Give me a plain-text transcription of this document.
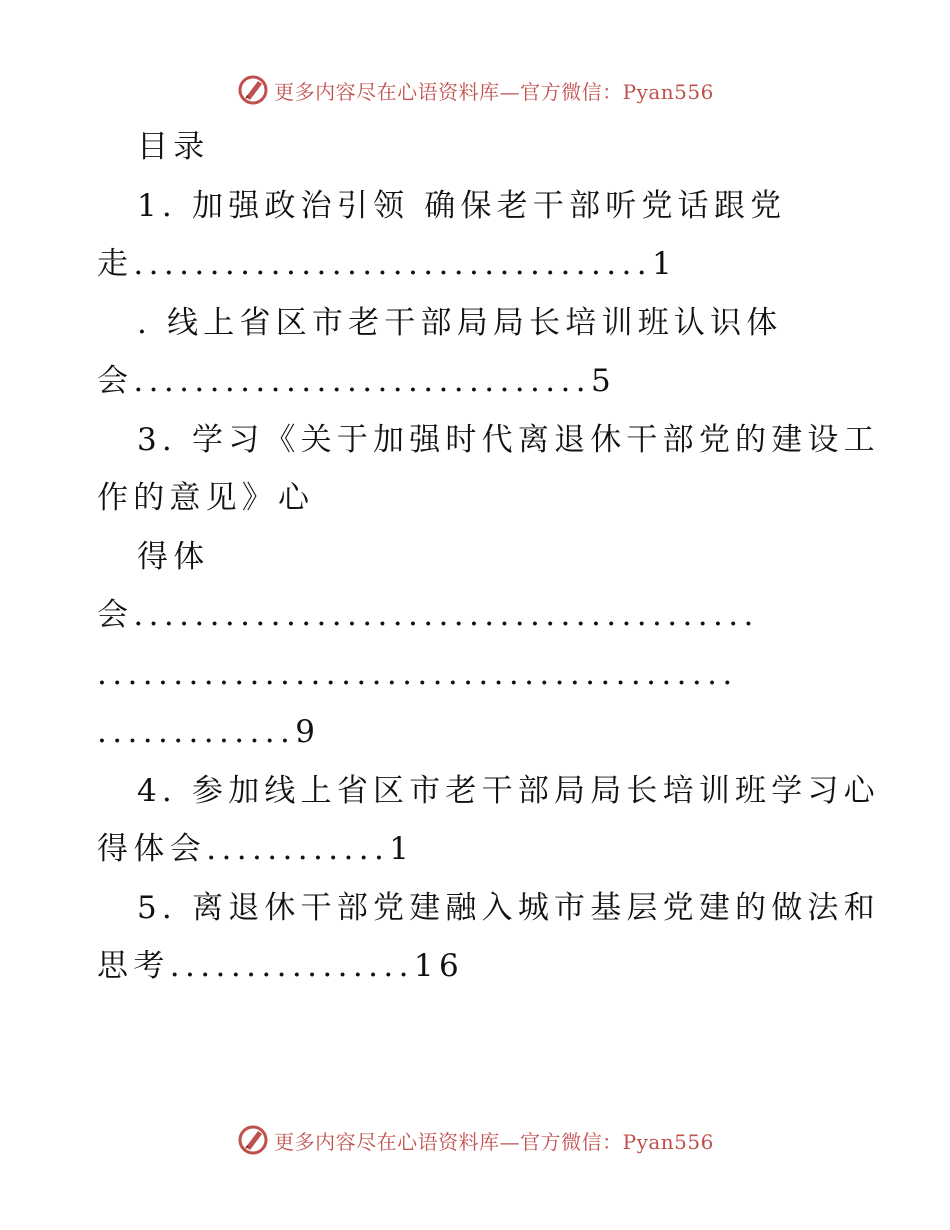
更多内容尽在心语资料库—官方微信：Pyan556
目录
1. 加强政治引领 确保老干部听党话跟党
走..................................1
. 线上省区市老干部局局长培训班认识体
会..............................5
3. 学习《关于加强时代离退休干部党的建设工
作的意见》心
得体
会.........................................
..........................................
.............9
4. 参加线上省区市老干部局局长培训班学习心
得体会............1
5. 离退休干部党建融入城市基层党建的做法和
思考................16
更多内容尽在心语资料库—官方微信：Pyan556
